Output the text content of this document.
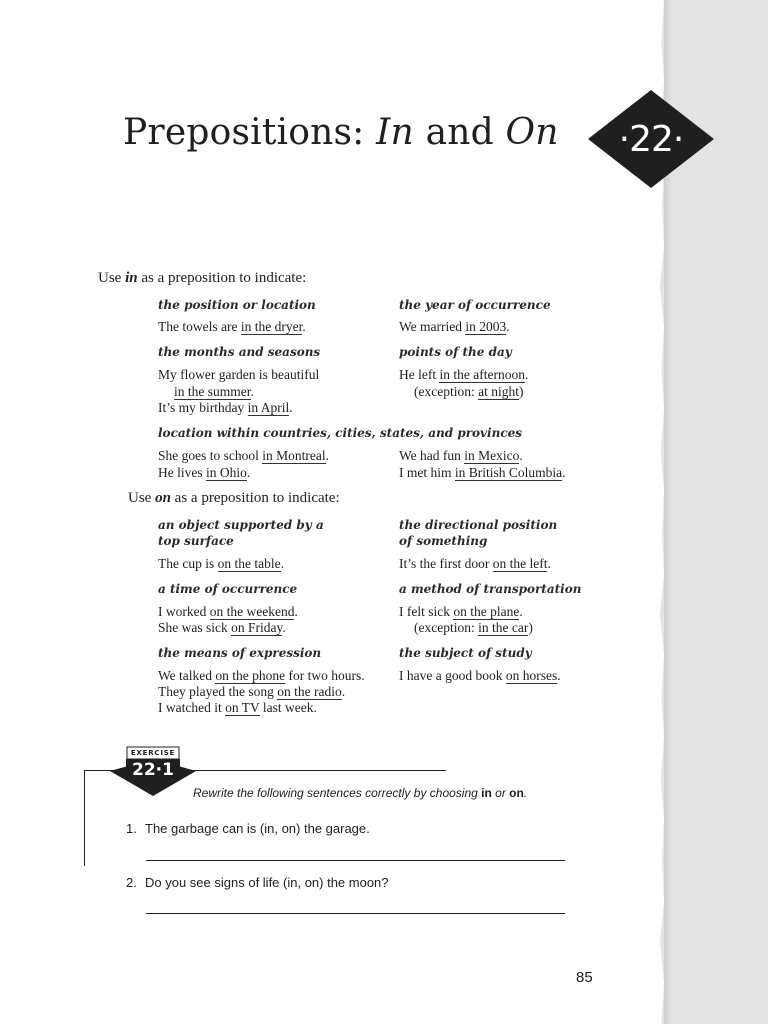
Prepositions: In and On	·22·
Use in as a preposition to indicate:
the position or location
The towels are in the dryer.
the year of occurrence
We married in 2003.
the months and seasons
My flower garden is beautiful
in the summer.
It’s my birthday in April.
points of the day
He left in the afternoon.
(exception: at night)
location within countries, cities, states, and provinces
She goes to school in Montreal.
He lives in Ohio.
We had fun in Mexico.
I met him in British Columbia.
Use on as a preposition to indicate:
an object supported by a
top surface
The cup is on the table.
the directional position
of something
It’s the first door on the left.
a time of occurrence
I worked on the weekend.
She was sick on Friday.
a method of transportation
I felt sick on the plane.
(exception: in the car)
the means of expression
We talked on the phone for two hours.
They played the song on the radio.
I watched it on TV last week.
the subject of study
I have a good book on horses.
EXERCISE
22·1
Rewrite the following sentences correctly by choosing in or on.
1. The garbage can is (in, on) the garage.
2. Do you see signs of life (in, on) the moon?
85
